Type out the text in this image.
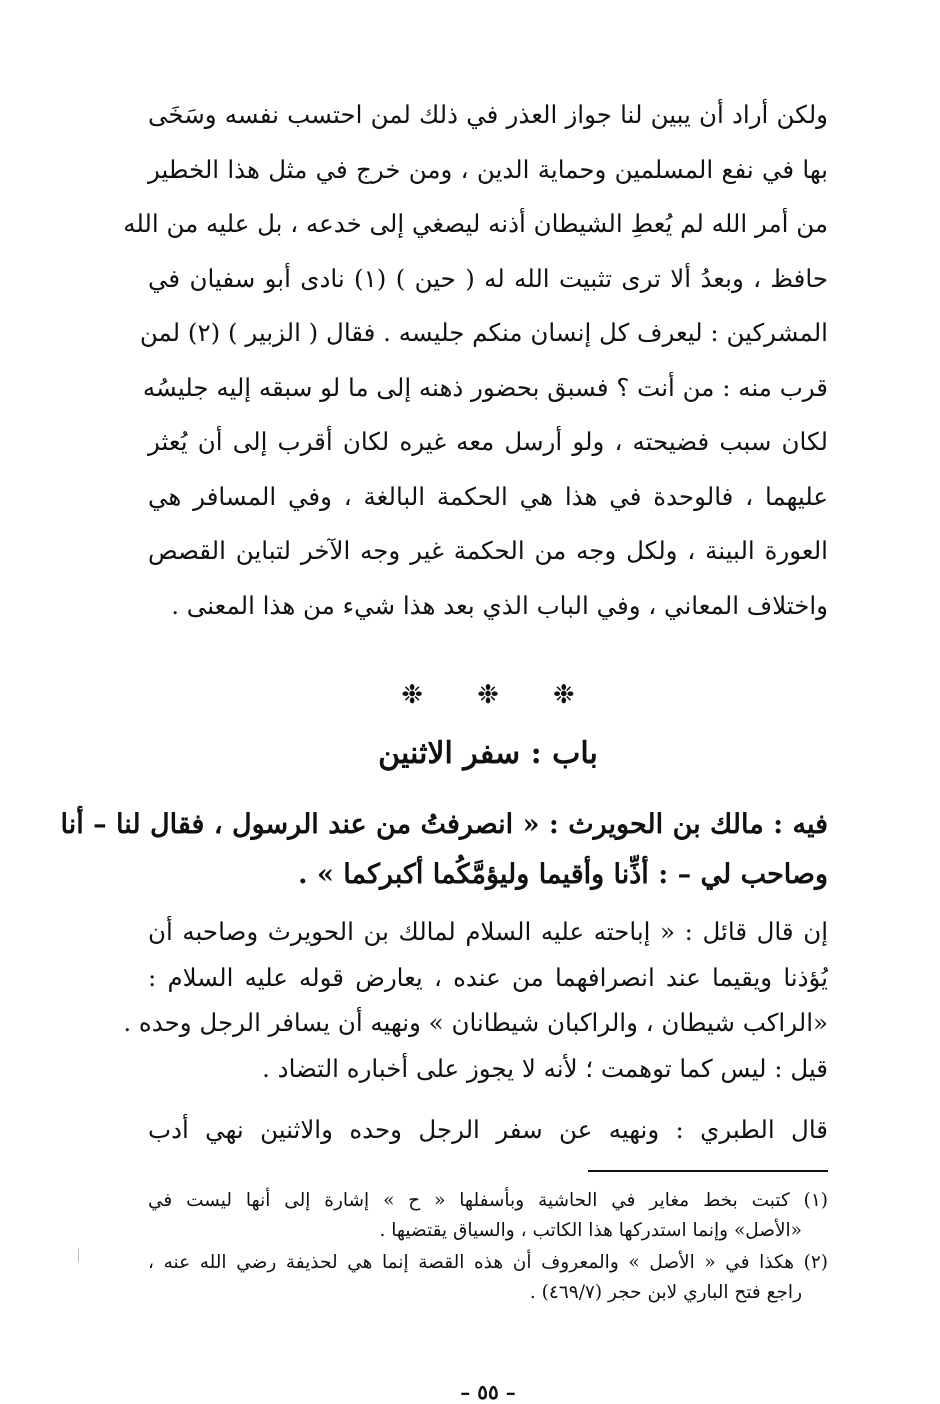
ولكن أراد أن يبين لنا جواز العذر في ذلك لمن احتسب نفسه وسَخَى
بها في نفع المسلمين وحماية الدين ، ومن خرج في مثل هذا الخطير
من أمر الله لم يُعطِ الشيطان أذنه ليصغي إلى خدعه ، بل عليه من الله
حافظ ، وبعدُ ألا ترى تثبيت الله له ( حين ) (١) نادى أبو سفيان في
المشركين : ليعرف كل إنسان منكم جليسه . فقال ( الزبير ) (٢) لمن
قرب منه : من أنت ؟ فسبق بحضور ذهنه إلى ما لو سبقه إليه جليسُه
لكان سبب فضيحته ، ولو أرسل معه غيره لكان أقرب إلى أن يُعثر
عليهما ، فالوحدة في هذا هي الحكمة البالغة ، وفي المسافر هي
العورة البينة ، ولكل وجه من الحكمة غير وجه الآخر لتباين القصص
واختلاف المعاني ، وفي الباب الذي بعد هذا شيء من هذا المعنى .
❉ ❉ ❉
باب : سفر الاثنين
فيه : مالك بن الحويرث : « انصرفتُ من عند الرسول ، فقال لنا – أنا
وصاحب لي – : أذِّنا وأقيما وليؤمَّكُما أكبركما » .
إن قال قائل : « إباحته عليه السلام لمالك بن الحويرث وصاحبه أن
يُؤذنا ويقيما عند انصرافهما من عنده ، يعارض قوله عليه السلام :
«الراكب شيطان ، والراكبان شيطانان » ونهيه أن يسافر الرجل وحده .
قيل : ليس كما توهمت ؛ لأنه لا يجوز على أخباره التضاد .
قال الطبري : ونهيه عن سفر الرجل وحده والاثنين نهي أدب
(١) كتبت بخط مغاير في الحاشية وبأسفلها « ح » إشارة إلى أنها ليست في
«الأصل» وإنما استدركها هذا الكاتب ، والسياق يقتضيها .
(٢) هكذا في « الأصل » والمعروف أن هذه القصة إنما هي لحذيفة رضي الله عنه ،
راجع فتح الباري لابن حجر (٤٦٩/٧) .
– ٥٥ –
